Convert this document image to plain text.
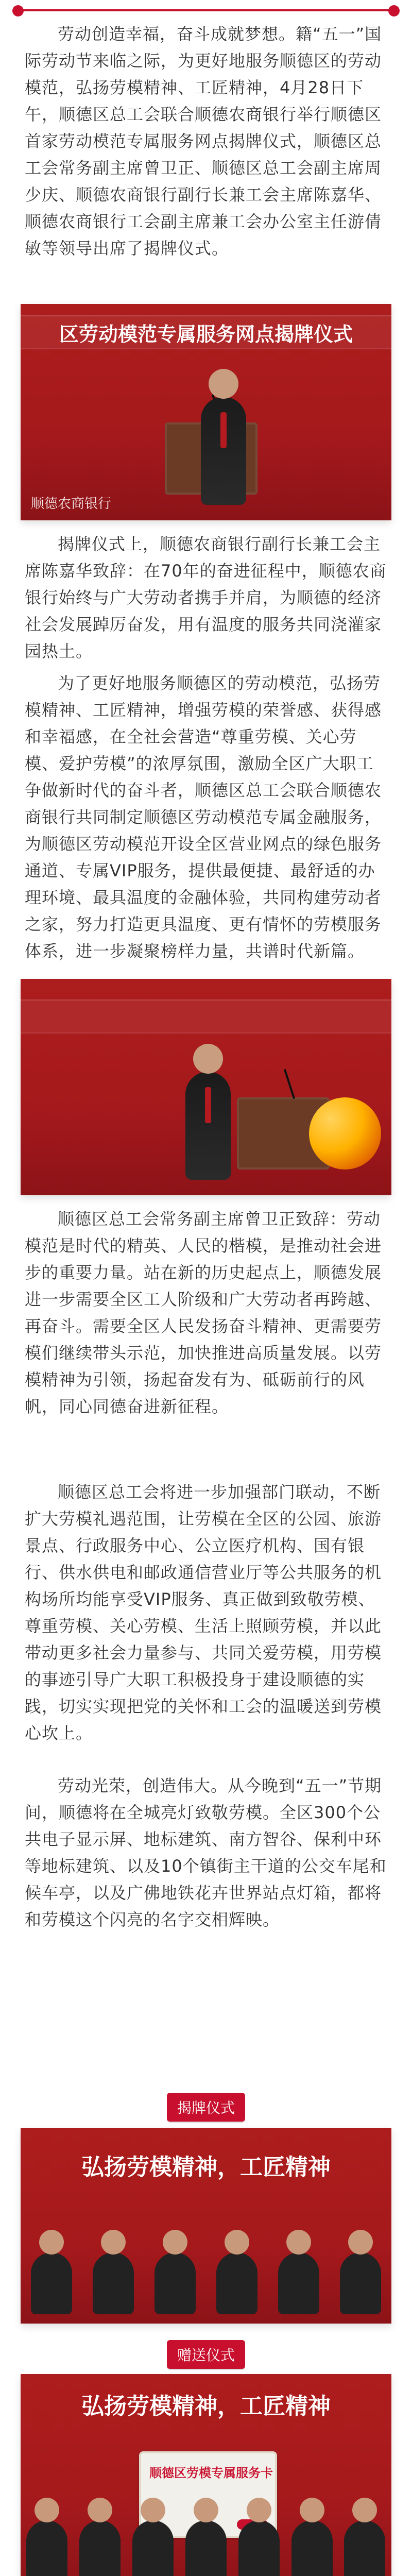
劳动创造幸福，奋斗成就梦想。籍“五一”国际劳动节来临之际，为更好地服务顺德区的劳动模范，弘扬劳模精神、工匠精神，4月28日下午，顺德区总工会联合顺德农商银行举行顺德区首家劳动模范专属服务网点揭牌仪式，顺德区总工会常务副主席曾卫正、顺德区总工会副主席周少庆、顺德农商银行副行长兼工会主席陈嘉华、顺德农商银行工会副主席兼工会办公室主任游倩敏等领导出席了揭牌仪式。
区劳动模范专属服务网点揭牌仪式
顺德农商银行
揭牌仪式上，顺德农商银行副行长兼工会主席陈嘉华致辞：在70年的奋进征程中，顺德农商银行始终与广大劳动者携手并肩，为顺德的经济社会发展踔厉奋发，用有温度的服务共同浇灌家园热土。
为了更好地服务顺德区的劳动模范，弘扬劳模精神、工匠精神，增强劳模的荣誉感、获得感和幸福感，在全社会营造“尊重劳模、关心劳模、爱护劳模”的浓厚氛围，激励全区广大职工争做新时代的奋斗者，顺德区总工会联合顺德农商银行共同制定顺德区劳动模范专属金融服务，为顺德区劳动模范开设全区营业网点的绿色服务通道、专属VIP服务，提供最便捷、最舒适的办理环境、最具温度的金融体验，共同构建劳动者之家，努力打造更具温度、更有情怀的劳模服务体系，进一步凝聚榜样力量，共谱时代新篇。
顺德区总工会常务副主席曾卫正致辞：劳动模范是时代的精英、人民的楷模，是推动社会进步的重要力量。站在新的历史起点上，顺德发展进一步需要全区工人阶级和广大劳动者再跨越、再奋斗。需要全区人民发扬奋斗精神、更需要劳模们继续带头示范，加快推进高质量发展。以劳模精神为引领，扬起奋发有为、砥砺前行的风帆，同心同德奋进新征程。
顺德区总工会将进一步加强部门联动，不断扩大劳模礼遇范围，让劳模在全区的公园、旅游景点、行政服务中心、公立医疗机构、国有银行、供水供电和邮政通信营业厅等公共服务的机构场所均能享受VIP服务、真正做到致敬劳模、尊重劳模、关心劳模、生活上照顾劳模，并以此带动更多社会力量参与、共同关爱劳模，用劳模的事迹引导广大职工积极投身于建设顺德的实践，切实实现把党的关怀和工会的温暖送到劳模心坎上。
劳动光荣，创造伟大。从今晚到“五一”节期间，顺德将在全城亮灯致敬劳模。全区300个公共电子显示屏、地标建筑、南方智谷、保利中环等地标建筑、以及10个镇街主干道的公交车尾和候车亭，以及广佛地铁花卉世界站点灯箱，都将和劳模这个闪亮的名字交相辉映。
揭牌仪式
弘扬劳模精神，工匠精神
赠送仪式
弘扬劳模精神，工匠精神
顺德区劳模专属服务卡
